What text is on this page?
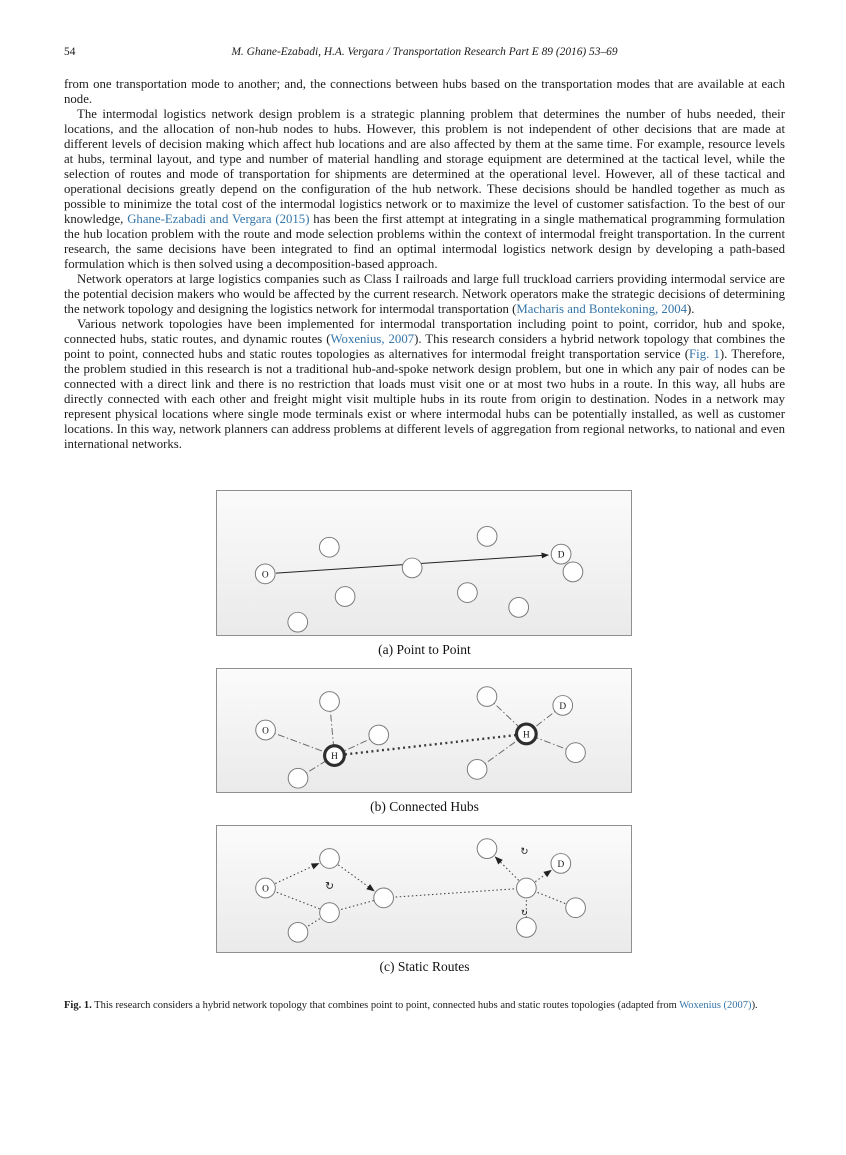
54	M. Ghane-Ezabadi, H.A. Vergara / Transportation Research Part E 89 (2016) 53–69

from one transportation mode to another; and, the connections between hubs based on the transportation modes that are available at each node.

The intermodal logistics network design problem is a strategic planning problem that determines the number of hubs needed, their locations, and the allocation of non-hub nodes to hubs. However, this problem is not independent of other decisions that are made at different levels of decision making which affect hub locations and are also affected by them at the same time. For example, resource levels at hubs, terminal layout, and type and number of material handling and storage equipment are determined at the tactical level, while the selection of routes and mode of transportation for shipments are determined at the operational level. However, all of these tactical and operational decisions greatly depend on the configuration of the hub network. These decisions should be handled together as much as possible to minimize the total cost of the intermodal logistics network or to maximize the level of customer satisfaction. To the best of our knowledge, Ghane-Ezabadi and Vergara (2015) has been the first attempt at integrating in a single mathematical programming formulation the hub location problem with the route and mode selection problems within the context of intermodal freight transportation. In the current research, the same decisions have been integrated to find an optimal intermodal logistics network design by developing a path-based formulation which is then solved using a decomposition-based approach.

Network operators at large logistics companies such as Class I railroads and large full truckload carriers providing intermodal service are the potential decision makers who would be affected by the current research. Network operators make the strategic decisions of determining the network topology and designing the logistics network for intermodal transportation (Macharis and Bontekoning, 2004).

Various network topologies have been implemented for intermodal transportation including point to point, corridor, hub and spoke, connected hubs, static routes, and dynamic routes (Woxenius, 2007). This research considers a hybrid network topology that combines the point to point, connected hubs and static routes topologies as alternatives for intermodal freight transportation service (Fig. 1). Therefore, the problem studied in this research is not a traditional hub-and-spoke network design problem, but one in which any pair of nodes can be connected with a direct link and there is no restriction that loads must visit one or at most two hubs in a route. In this way, all hubs are directly connected with each other and freight might visit multiple hubs in its route from origin to destination. Nodes in a network may represent physical locations where single mode terminals exist or where intermodal hubs can be potentially installed, as well as customer locations. In this way, network planners can address problems at different levels of aggregation from regional networks, to national and even international networks.

O
D
(a) Point to Point
O
D
H
H
(b) Connected Hubs
↻
↻
↻
O
D
(c) Static Routes
Fig. 1. This research considers a hybrid network topology that combines point to point, connected hubs and static routes topologies (adapted from Woxenius (2007)).
